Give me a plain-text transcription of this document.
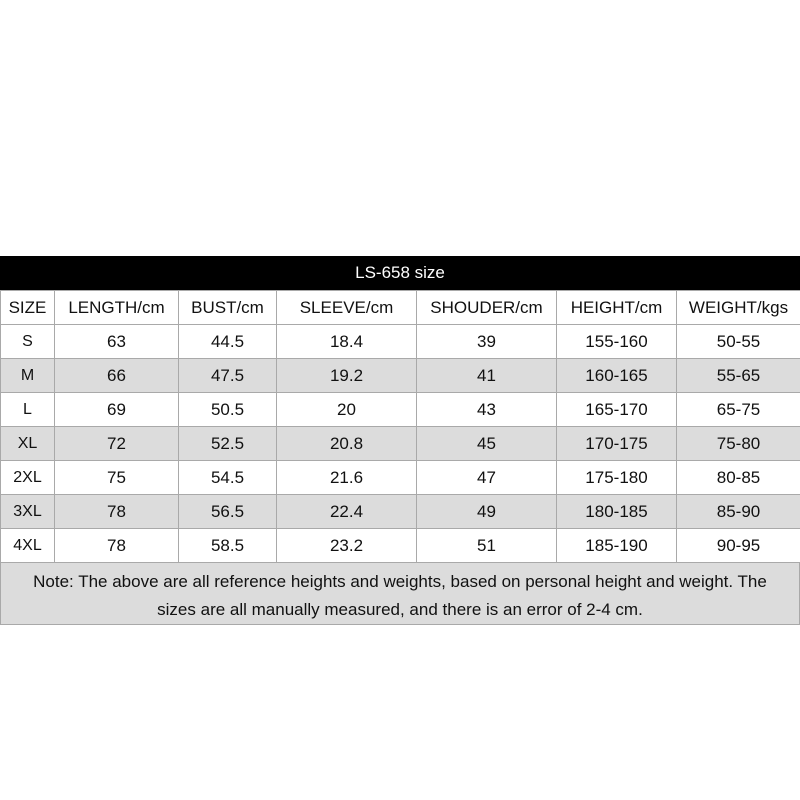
LS-658 size
SIZE	LENGTH/cm	BUST/cm	SLEEVE/cm	SHOUDER/cm	HEIGHT/cm	WEIGHT/kgs
S	63	44.5	18.4	39	155-160	50-55
M	66	47.5	19.2	41	160-165	55-65
L	69	50.5	20	43	165-170	65-75
XL	72	52.5	20.8	45	170-175	75-80
2XL	75	54.5	21.6	47	175-180	80-85
3XL	78	56.5	22.4	49	180-185	85-90
4XL	78	58.5	23.2	51	185-190	90-95
Note: The above are all reference heights and weights, based on personal height and weight. The sizes are all manually measured, and there is an error of 2-4 cm.
